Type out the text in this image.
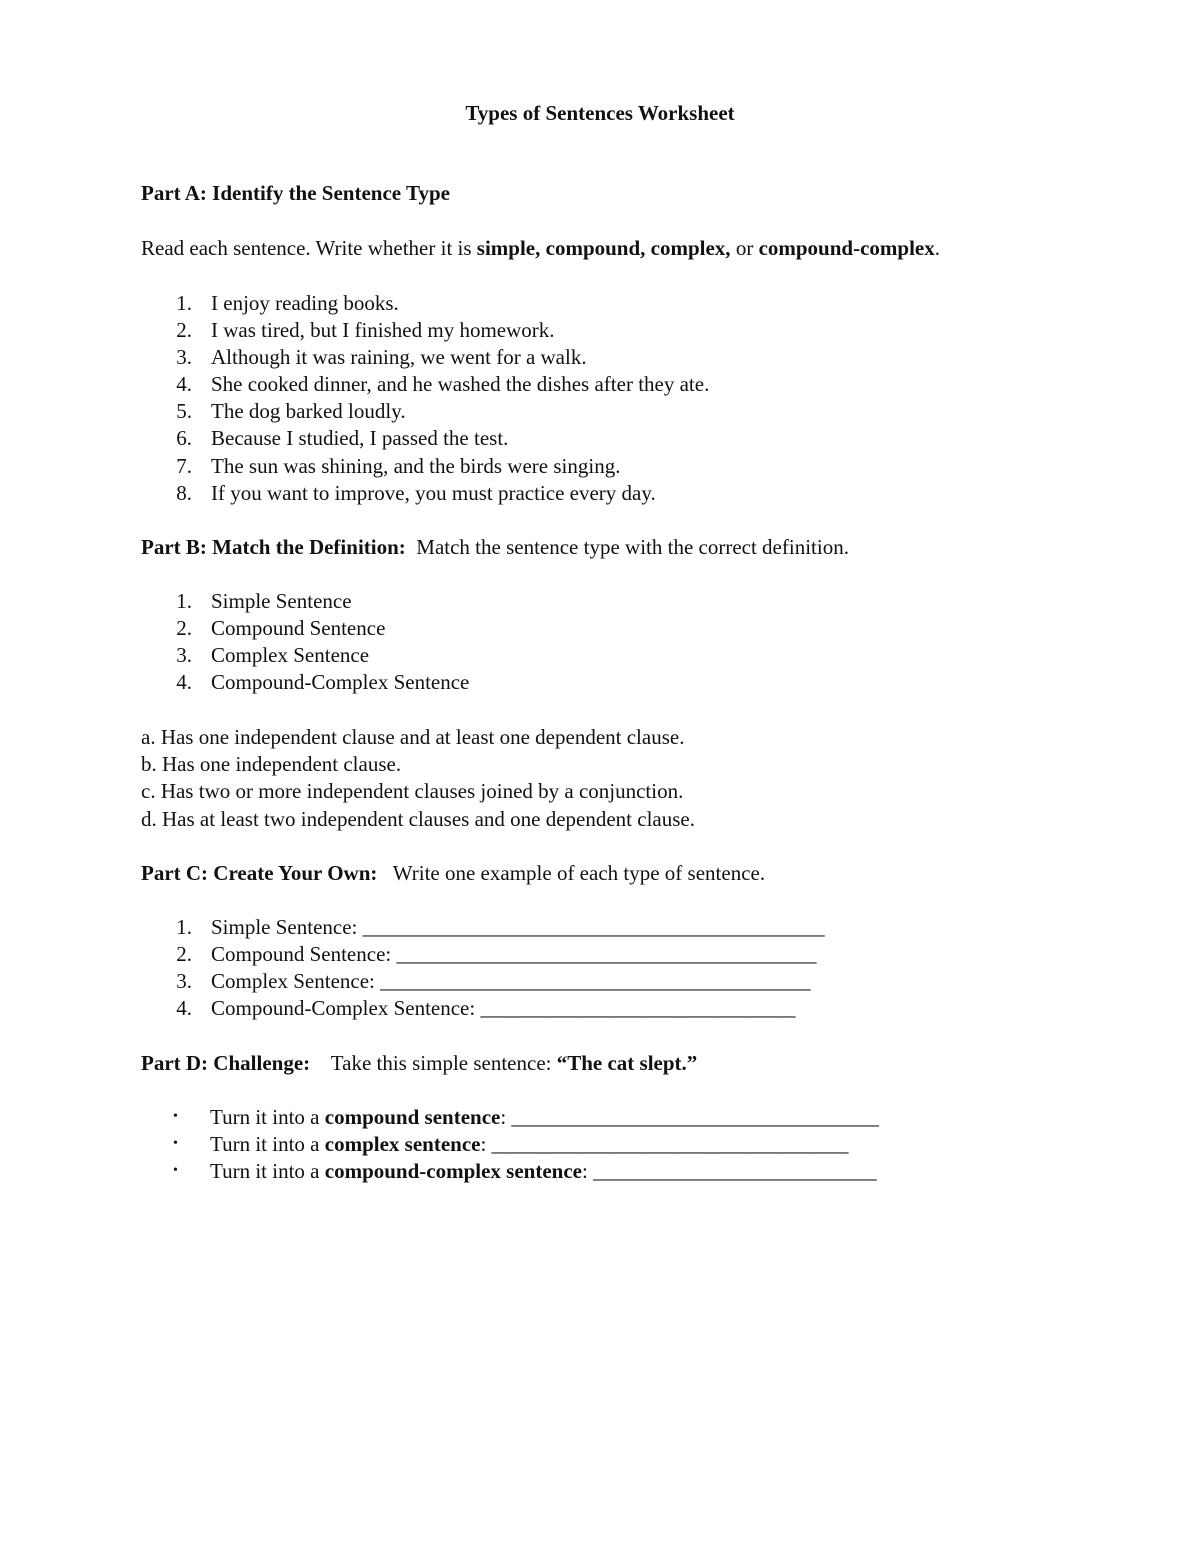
Types of Sentences Worksheet
Part A: Identify the Sentence Type
Read each sentence. Write whether it is simple, compound, complex, or compound-complex.
1. I enjoy reading books.
2. I was tired, but I finished my homework.
3. Although it was raining, we went for a walk.
4. She cooked dinner, and he washed the dishes after they ate.
5. The dog barked loudly.
6. Because I studied, I passed the test.
7. The sun was shining, and the birds were singing.
8. If you want to improve, you must practice every day.
Part B: Match the Definition:  Match the sentence type with the correct definition.
1. Simple Sentence
2. Compound Sentence
3. Complex Sentence
4. Compound-Complex Sentence
a. Has one independent clause and at least one dependent clause.
b. Has one independent clause.
c. Has two or more independent clauses joined by a conjunction.
d. Has at least two independent clauses and one dependent clause.
Part C: Create Your Own:   Write one example of each type of sentence.
1. Simple Sentence: ____________________________________________
2. Compound Sentence: ________________________________________
3. Complex Sentence: _________________________________________
4. Compound-Complex Sentence: ______________________________
Part D: Challenge:    Take this simple sentence: “The cat slept.”
• Turn it into a compound sentence: ___________________________________
• Turn it into a complex sentence: __________________________________
• Turn it into a compound-complex sentence: ___________________________
